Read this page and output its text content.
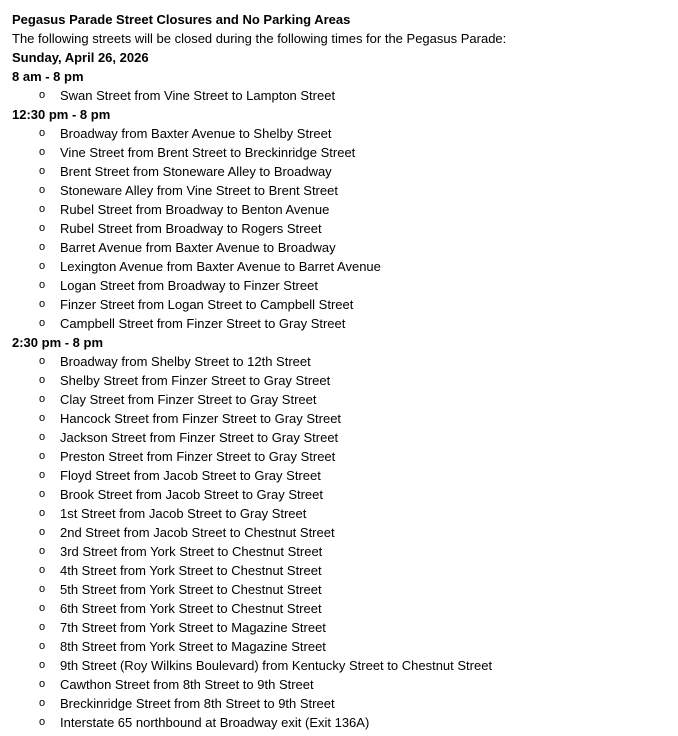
Pegasus Parade Street Closures and No Parking Areas
The following streets will be closed during the following times for the Pegasus Parade:
Sunday, April 26, 2026
8 am - 8 pm
o Swan Street from Vine Street to Lampton Street
12:30 pm - 8 pm
o Broadway from Baxter Avenue to Shelby Street
o Vine Street from Brent Street to Breckinridge Street
o Brent Street from Stoneware Alley to Broadway
o Stoneware Alley from Vine Street to Brent Street
o Rubel Street from Broadway to Benton Avenue
o Rubel Street from Broadway to Rogers Street
o Barret Avenue from Baxter Avenue to Broadway
o Lexington Avenue from Baxter Avenue to Barret Avenue
o Logan Street from Broadway to Finzer Street
o Finzer Street from Logan Street to Campbell Street
o Campbell Street from Finzer Street to Gray Street
2:30 pm - 8 pm
o Broadway from Shelby Street to 12th Street
o Shelby Street from Finzer Street to Gray Street
o Clay Street from Finzer Street to Gray Street
o Hancock Street from Finzer Street to Gray Street
o Jackson Street from Finzer Street to Gray Street
o Preston Street from Finzer Street to Gray Street
o Floyd Street from Jacob Street to Gray Street
o Brook Street from Jacob Street to Gray Street
o 1st Street from Jacob Street to Gray Street
o 2nd Street from Jacob Street to Chestnut Street
o 3rd Street from York Street to Chestnut Street
o 4th Street from York Street to Chestnut Street
o 5th Street from York Street to Chestnut Street
o 6th Street from York Street to Chestnut Street
o 7th Street from York Street to Magazine Street
o 8th Street from York Street to Magazine Street
o 9th Street (Roy Wilkins Boulevard) from Kentucky Street to Chestnut Street
o Cawthon Street from 8th Street to 9th Street
o Breckinridge Street from 8th Street to 9th Street
o Interstate 65 northbound at Broadway exit (Exit 136A)
